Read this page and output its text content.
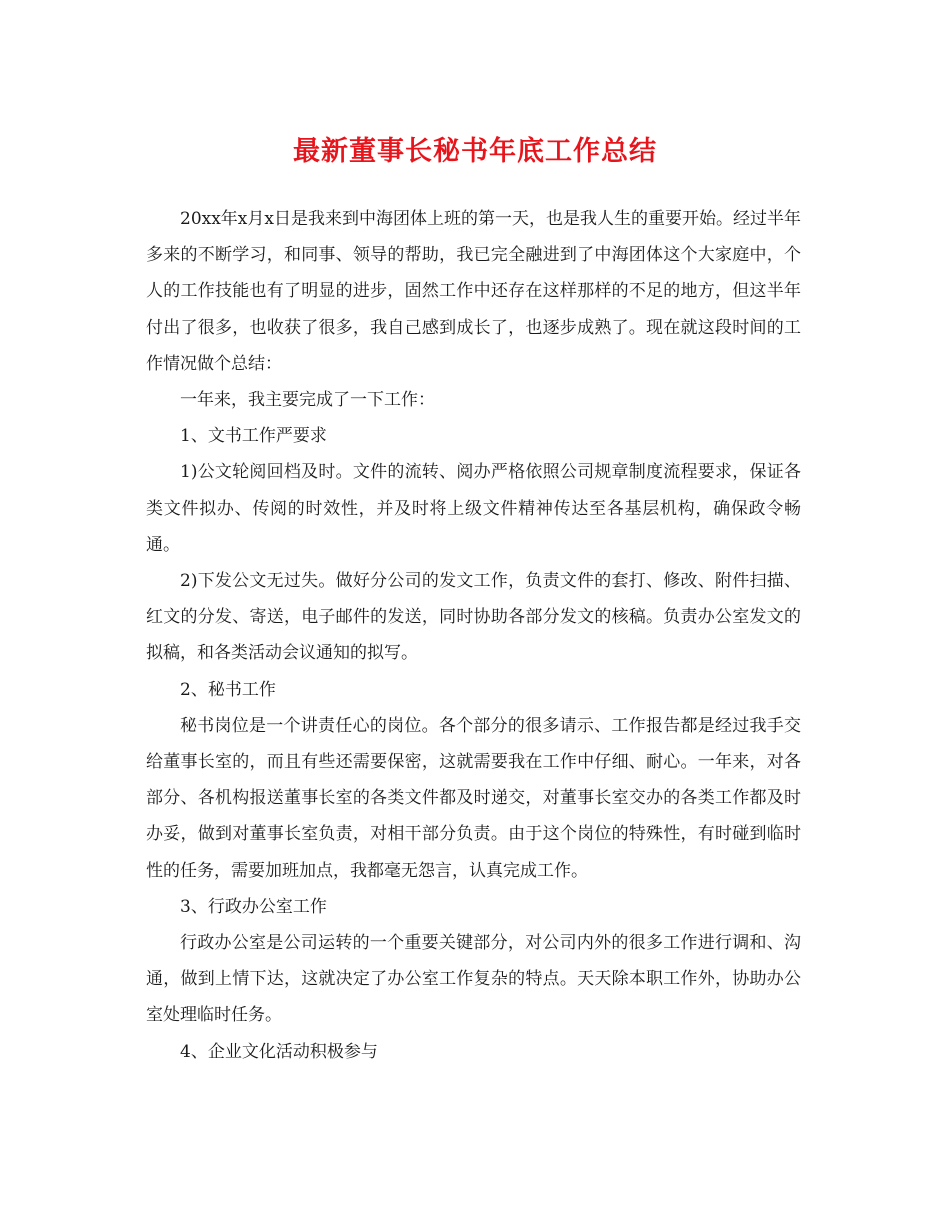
最新董事长秘书年底工作总结

20xx年x月x日是我来到中海团体上班的第一天，也是我人生的重要开始。经过半年多来的不断学习，和同事、领导的帮助，我已完全融进到了中海团体这个大家庭中，个人的工作技能也有了明显的进步，固然工作中还存在这样那样的不足的地方，但这半年付出了很多，也收获了很多，我自己感到成长了，也逐步成熟了。现在就这段时间的工作情况做个总结：

一年来，我主要完成了一下工作：

1、文书工作严要求

1)公文轮阅回档及时。文件的流转、阅办严格依照公司规章制度流程要求，保证各类文件拟办、传阅的时效性，并及时将上级文件精神传达至各基层机构，确保政令畅通。

2)下发公文无过失。做好分公司的发文工作，负责文件的套打、修改、附件扫描、红文的分发、寄送，电子邮件的发送，同时协助各部分发文的核稿。负责办公室发文的拟稿，和各类活动会议通知的拟写。

2、秘书工作

秘书岗位是一个讲责任心的岗位。各个部分的很多请示、工作报告都是经过我手交给董事长室的，而且有些还需要保密，这就需要我在工作中仔细、耐心。一年来，对各部分、各机构报送董事长室的各类文件都及时递交，对董事长室交办的各类工作都及时办妥，做到对董事长室负责，对相干部分负责。由于这个岗位的特殊性，有时碰到临时性的任务，需要加班加点，我都毫无怨言，认真完成工作。

3、行政办公室工作

行政办公室是公司运转的一个重要关键部分，对公司内外的很多工作进行调和、沟通，做到上情下达，这就决定了办公室工作复杂的特点。天天除本职工作外，协助办公室处理临时任务。

4、企业文化活动积极参与
